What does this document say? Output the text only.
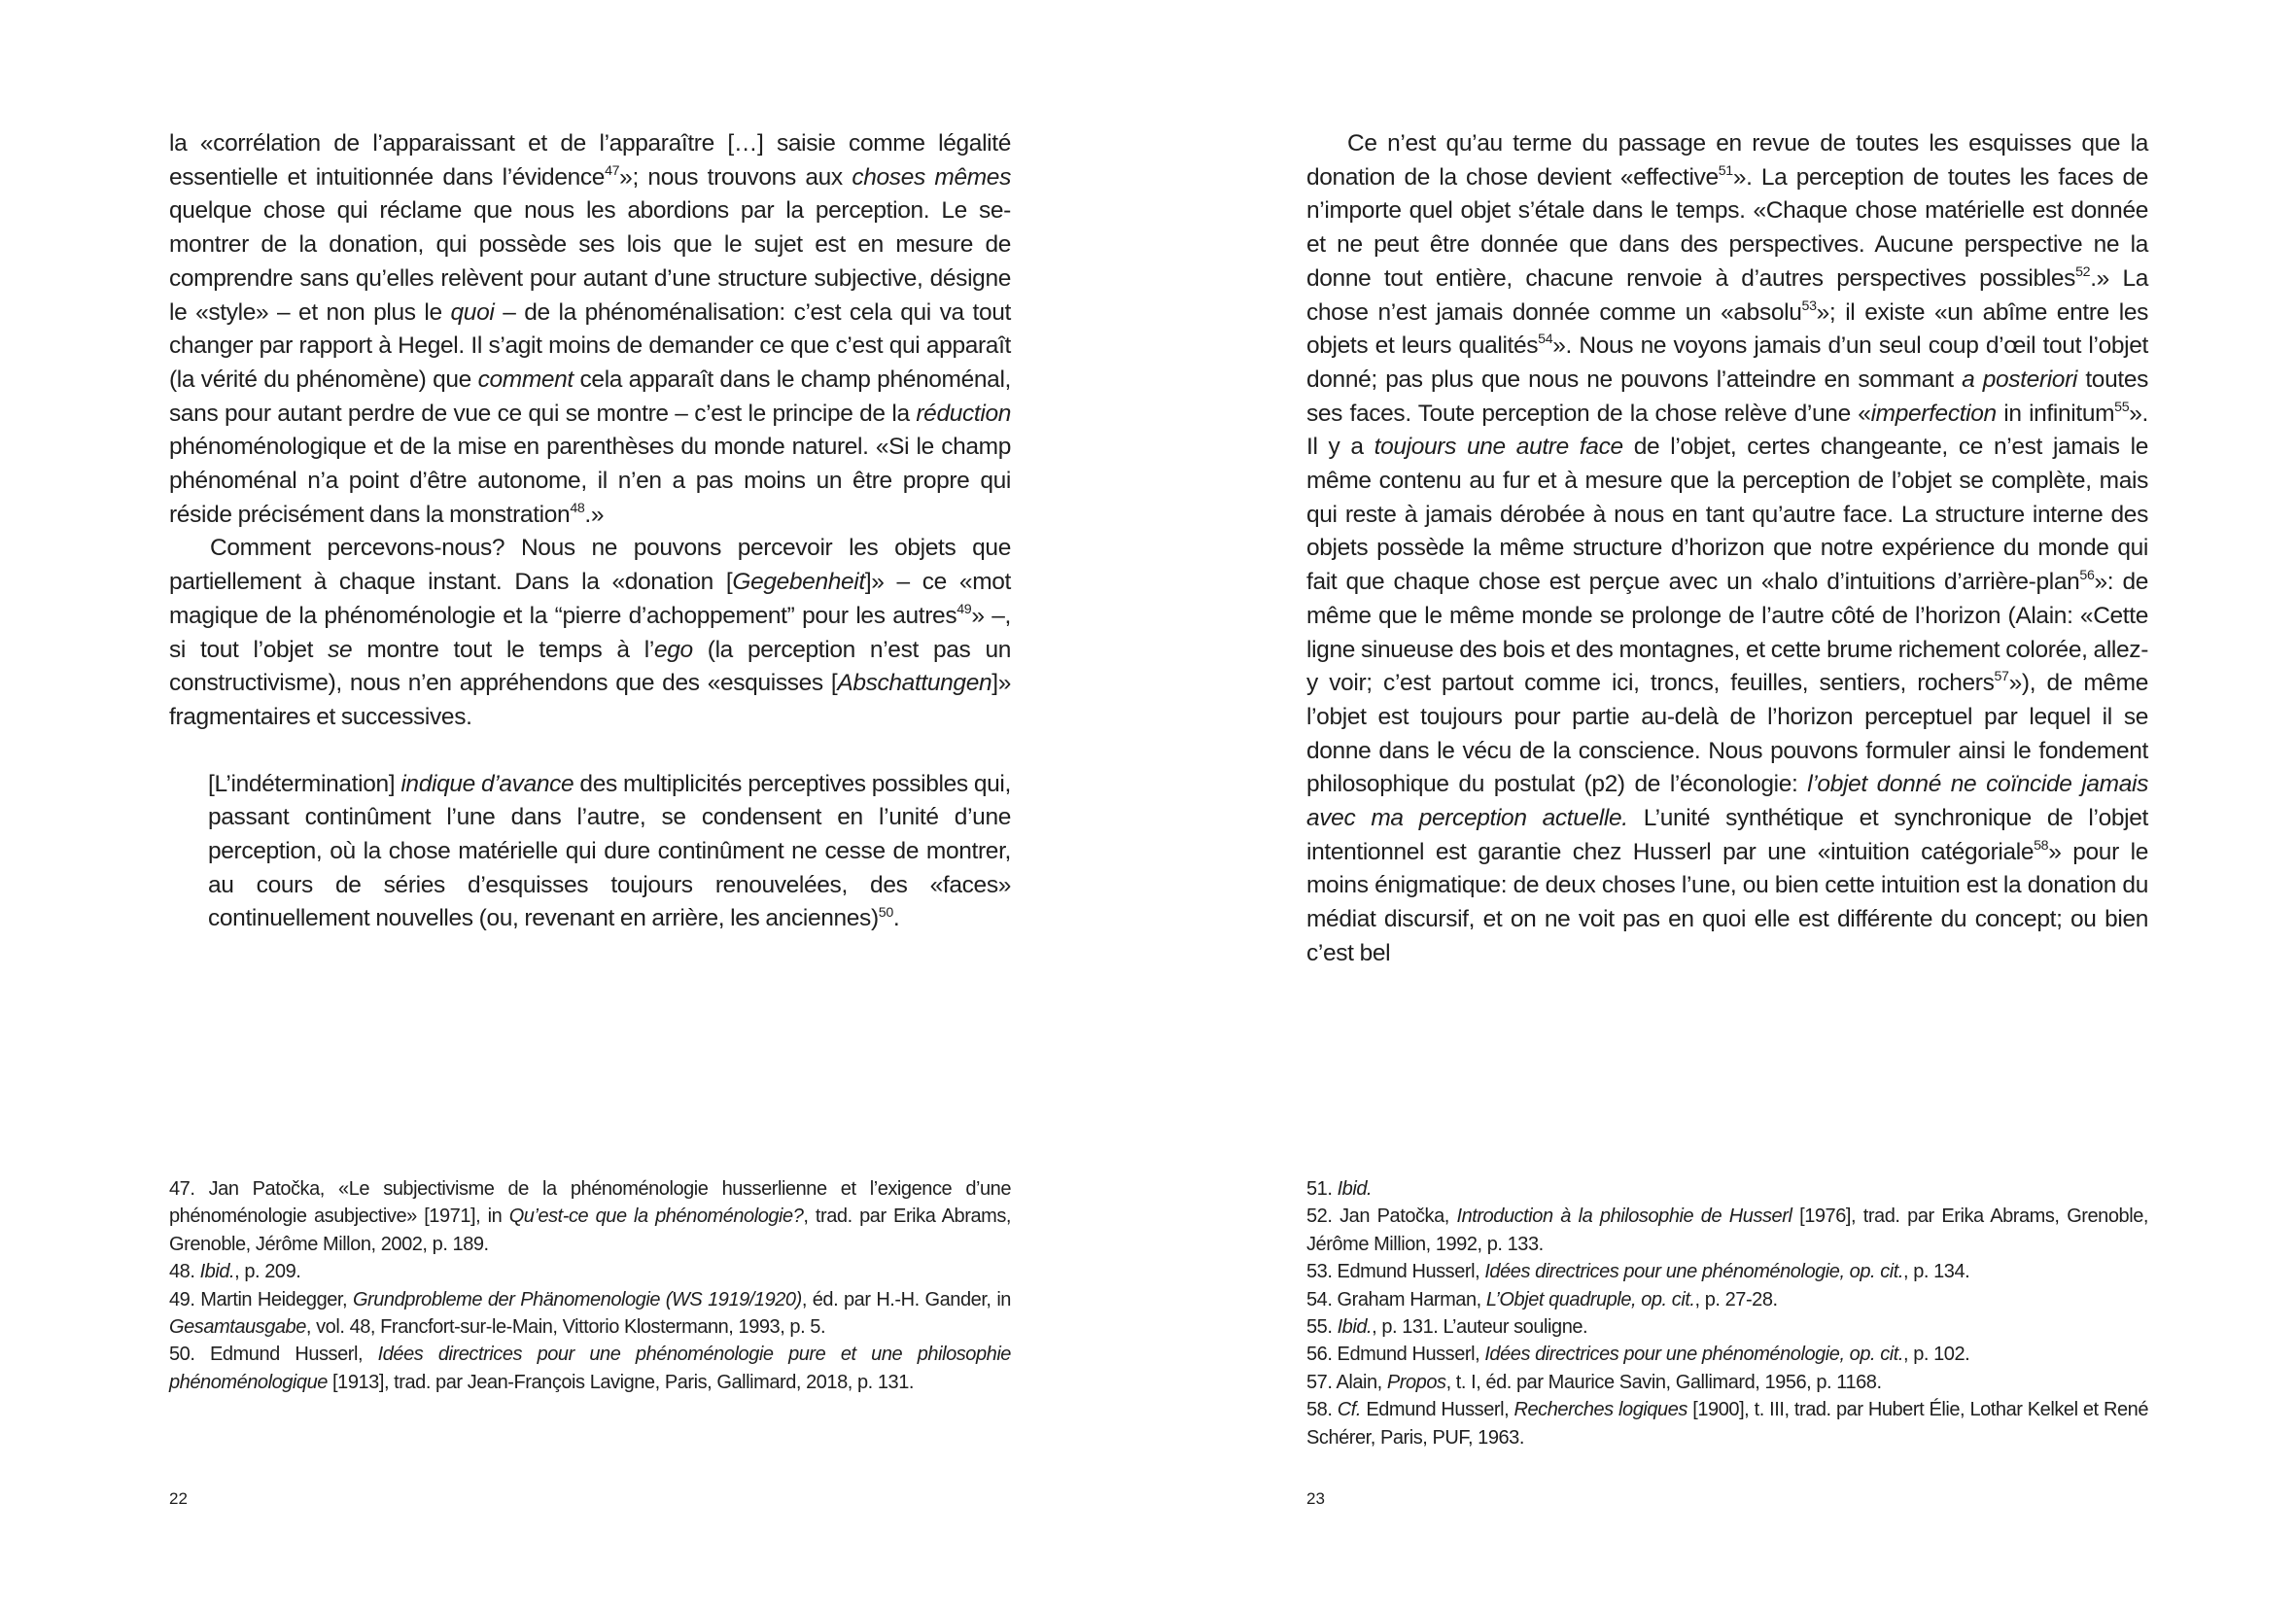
la «corrélation de l’apparaissant et de l’apparaître […] saisie comme légalité essentielle et intuitionnée dans l’évidence$^{47}$»; nous trouvons aux choses mêmes quelque chose qui réclame que nous les abordions par la perception. Le se-montrer de la donation, qui possède ses lois que le sujet est en mesure de comprendre sans qu’elles relèvent pour autant d’une structure subjective, désigne le «style» – et non plus le quoi – de la phénoménalisation: c’est cela qui va tout changer par rapport à Hegel. Il s’agit moins de demander ce que c’est qui apparaît (la vérité du phénomène) que comment cela apparaît dans le champ phénoménal, sans pour autant perdre de vue ce qui se montre – c’est le principe de la réduction phénoménologique et de la mise en parenthèses du monde naturel. «Si le champ phénoménal n’a point d’être autonome, il n’en a pas moins un être propre qui réside précisément dans la monstration$^{48}$.»

Comment percevons-nous? Nous ne pouvons percevoir les objets que partiellement à chaque instant. Dans la «donation [Gegebenheit]» – ce «mot magique de la phénoménologie et la “pierre d’achoppement” pour les autres$^{49}$» –, si tout l’objet se montre tout le temps à l’ego (la perception n’est pas un constructivisme), nous n’en appréhendons que des «esquisses [Abschattungen]» fragmentaires et successives.

[L’indétermination] indique d’avance des multiplicités perceptives possibles qui, passant continûment l’une dans l’autre, se condensent en l’unité d’une perception, où la chose matérielle qui dure continûment ne cesse de montrer, au cours de séries d’esquisses toujours renouvelées, des «faces» continuellement nouvelles (ou, revenant en arrière, les anciennes)$^{50}$.

47. Jan Patočka, «Le subjectivisme de la phénoménologie husserlienne et l’exigence d’une phénoménologie asubjective» [1971], in Qu’est-ce que la phénoménologie?, trad. par Erika Abrams, Grenoble, Jérôme Millon, 2002, p. 189.

48. Ibid., p. 209.

49. Martin Heidegger, Grundprobleme der Phänomenologie (WS 1919/1920), éd. par H.-H. Gander, in Gesamtausgabe, vol. 48, Francfort-sur-le-Main, Vittorio Klostermann, 1993, p. 5.

50. Edmund Husserl, Idées directrices pour une phénoménologie pure et une philosophie phénoménologique [1913], trad. par Jean-François Lavigne, Paris, Gallimard, 2018, p. 131.

22

Ce n’est qu’au terme du passage en revue de toutes les esquisses que la donation de la chose devient «effective$^{51}$». La perception de toutes les faces de n’importe quel objet s’étale dans le temps. «Chaque chose matérielle est donnée et ne peut être donnée que dans des perspectives. Aucune perspective ne la donne tout entière, chacune renvoie à d’autres perspectives possibles$^{52}$.» La chose n’est jamais donnée comme un «absolu$^{53}$»; il existe «un abîme entre les objets et leurs qualités$^{54}$». Nous ne voyons jamais d’un seul coup d’œil tout l’objet donné; pas plus que nous ne pouvons l’atteindre en sommant a posteriori toutes ses faces. Toute perception de la chose relève d’une «imperfection in infinitum$^{55}$». Il y a toujours une autre face de l’objet, certes changeante, ce n’est jamais le même contenu au fur et à mesure que la perception de l’objet se complète, mais qui reste à jamais dérobée à nous en tant qu’autre face. La structure interne des objets possède la même structure d’horizon que notre expérience du monde qui fait que chaque chose est perçue avec un «halo d’intuitions d’arrière-plan$^{56}$»: de même que le même monde se prolonge de l’autre côté de l’horizon (Alain: «Cette ligne sinueuse des bois et des montagnes, et cette brume richement colorée, allez-y voir; c’est partout comme ici, troncs, feuilles, sentiers, rochers$^{57}$»), de même l’objet est toujours pour partie au-delà de l’horizon perceptuel par lequel il se donne dans le vécu de la conscience. Nous pouvons formuler ainsi le fondement philosophique du postulat (p2) de l’éconologie: l’objet donné ne coïncide jamais avec ma perception actuelle. L’unité synthétique et synchronique de l’objet intentionnel est garantie chez Husserl par une «intuition catégoriale$^{58}$» pour le moins énigmatique: de deux choses l’une, ou bien cette intuition est la donation du médiat discursif, et on ne voit pas en quoi elle est différente du concept; ou bien c’est bel

51. Ibid.

52. Jan Patočka, Introduction à la philosophie de Husserl [1976], trad. par Erika Abrams, Grenoble, Jérôme Million, 1992, p. 133.

53. Edmund Husserl, Idées directrices pour une phénoménologie, op. cit., p. 134.

54. Graham Harman, L’Objet quadruple, op. cit., p. 27-28.

55. Ibid., p. 131. L’auteur souligne.

56. Edmund Husserl, Idées directrices pour une phénoménologie, op. cit., p. 102.

57. Alain, Propos, t. I, éd. par Maurice Savin, Gallimard, 1956, p. 1168.

58. Cf. Edmund Husserl, Recherches logiques [1900], t. III, trad. par Hubert Élie, Lothar Kelkel et René Schérer, Paris, PUF, 1963.

23
